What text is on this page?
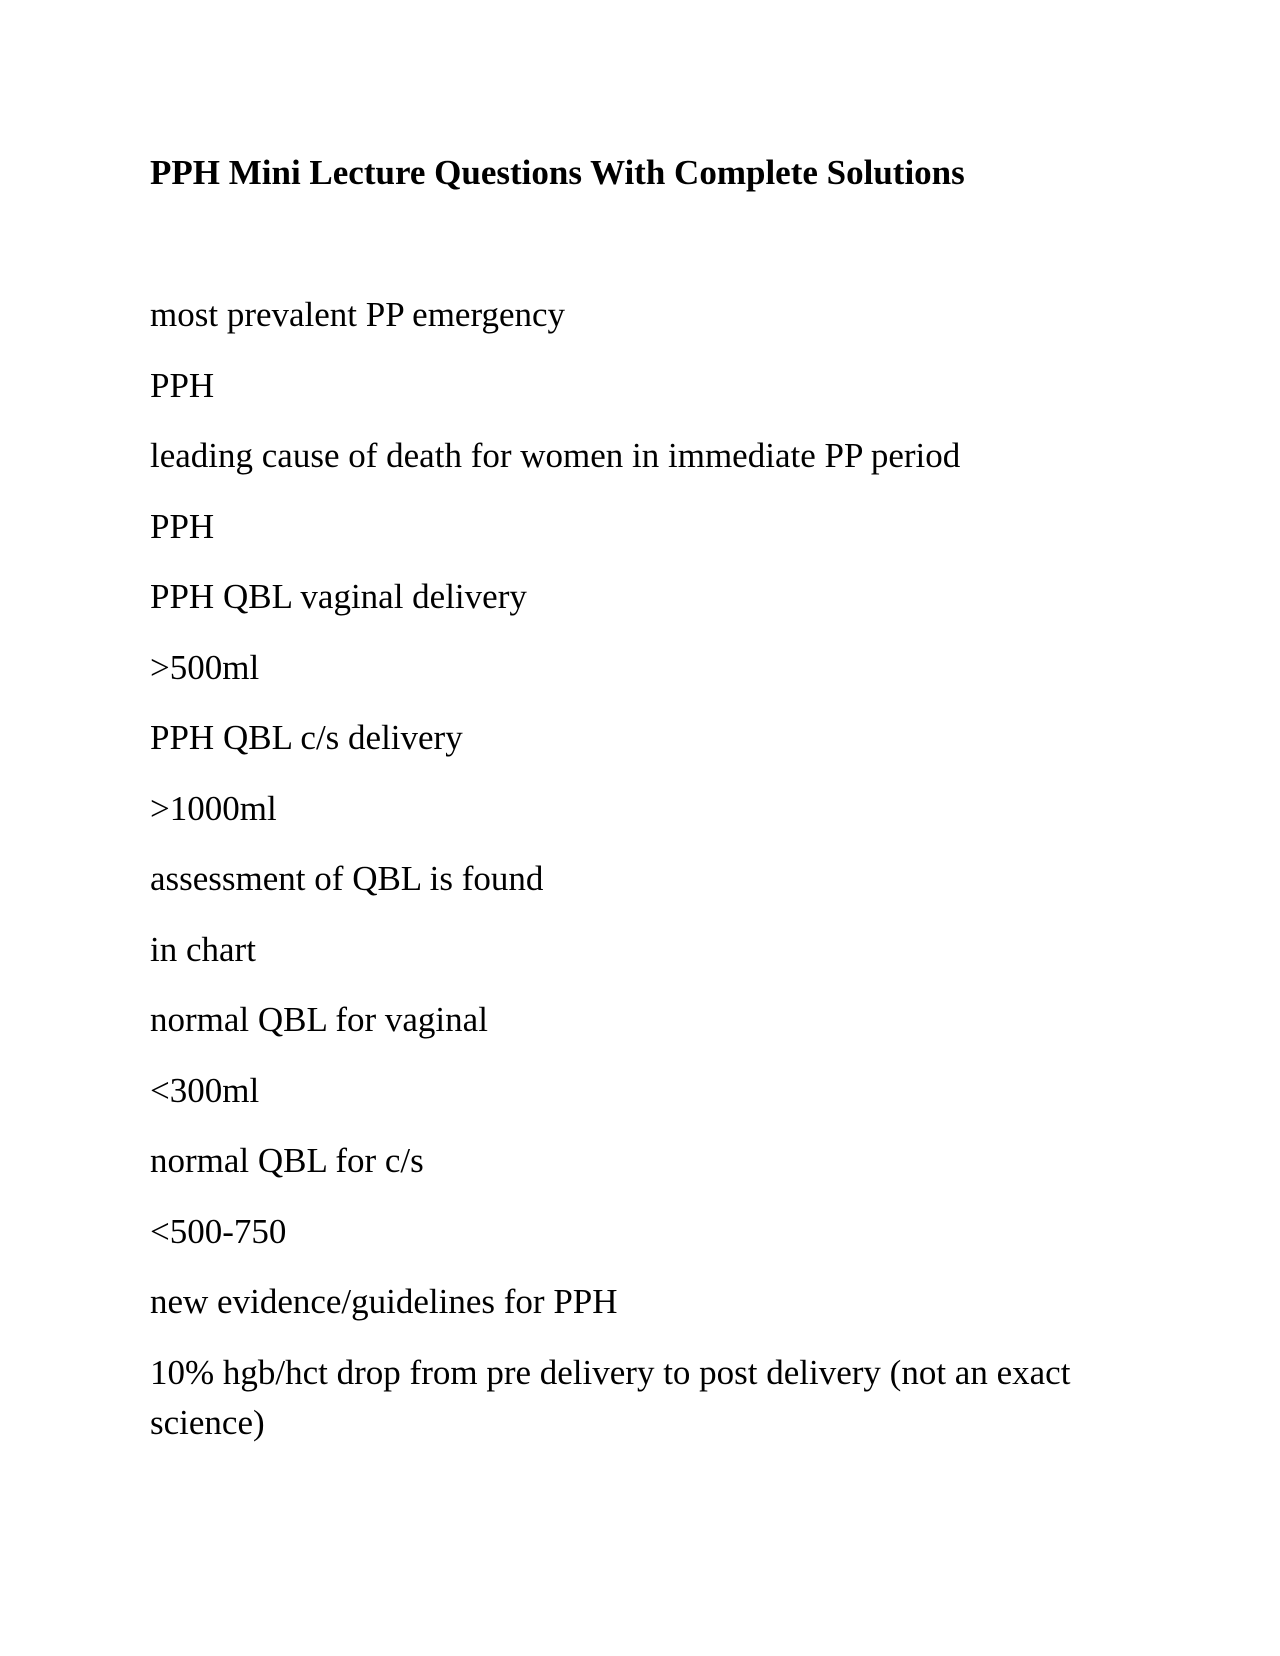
PPH Mini Lecture Questions With Complete Solutions
most prevalent PP emergency
PPH
leading cause of death for women in immediate PP period
PPH
PPH QBL vaginal delivery
>500ml
PPH QBL c/s delivery
>1000ml
assessment of QBL is found
in chart
normal QBL for vaginal
<300ml
normal QBL for c/s
<500-750
new evidence/guidelines for PPH
10% hgb/hct drop from pre delivery to post delivery (not an exact science)
